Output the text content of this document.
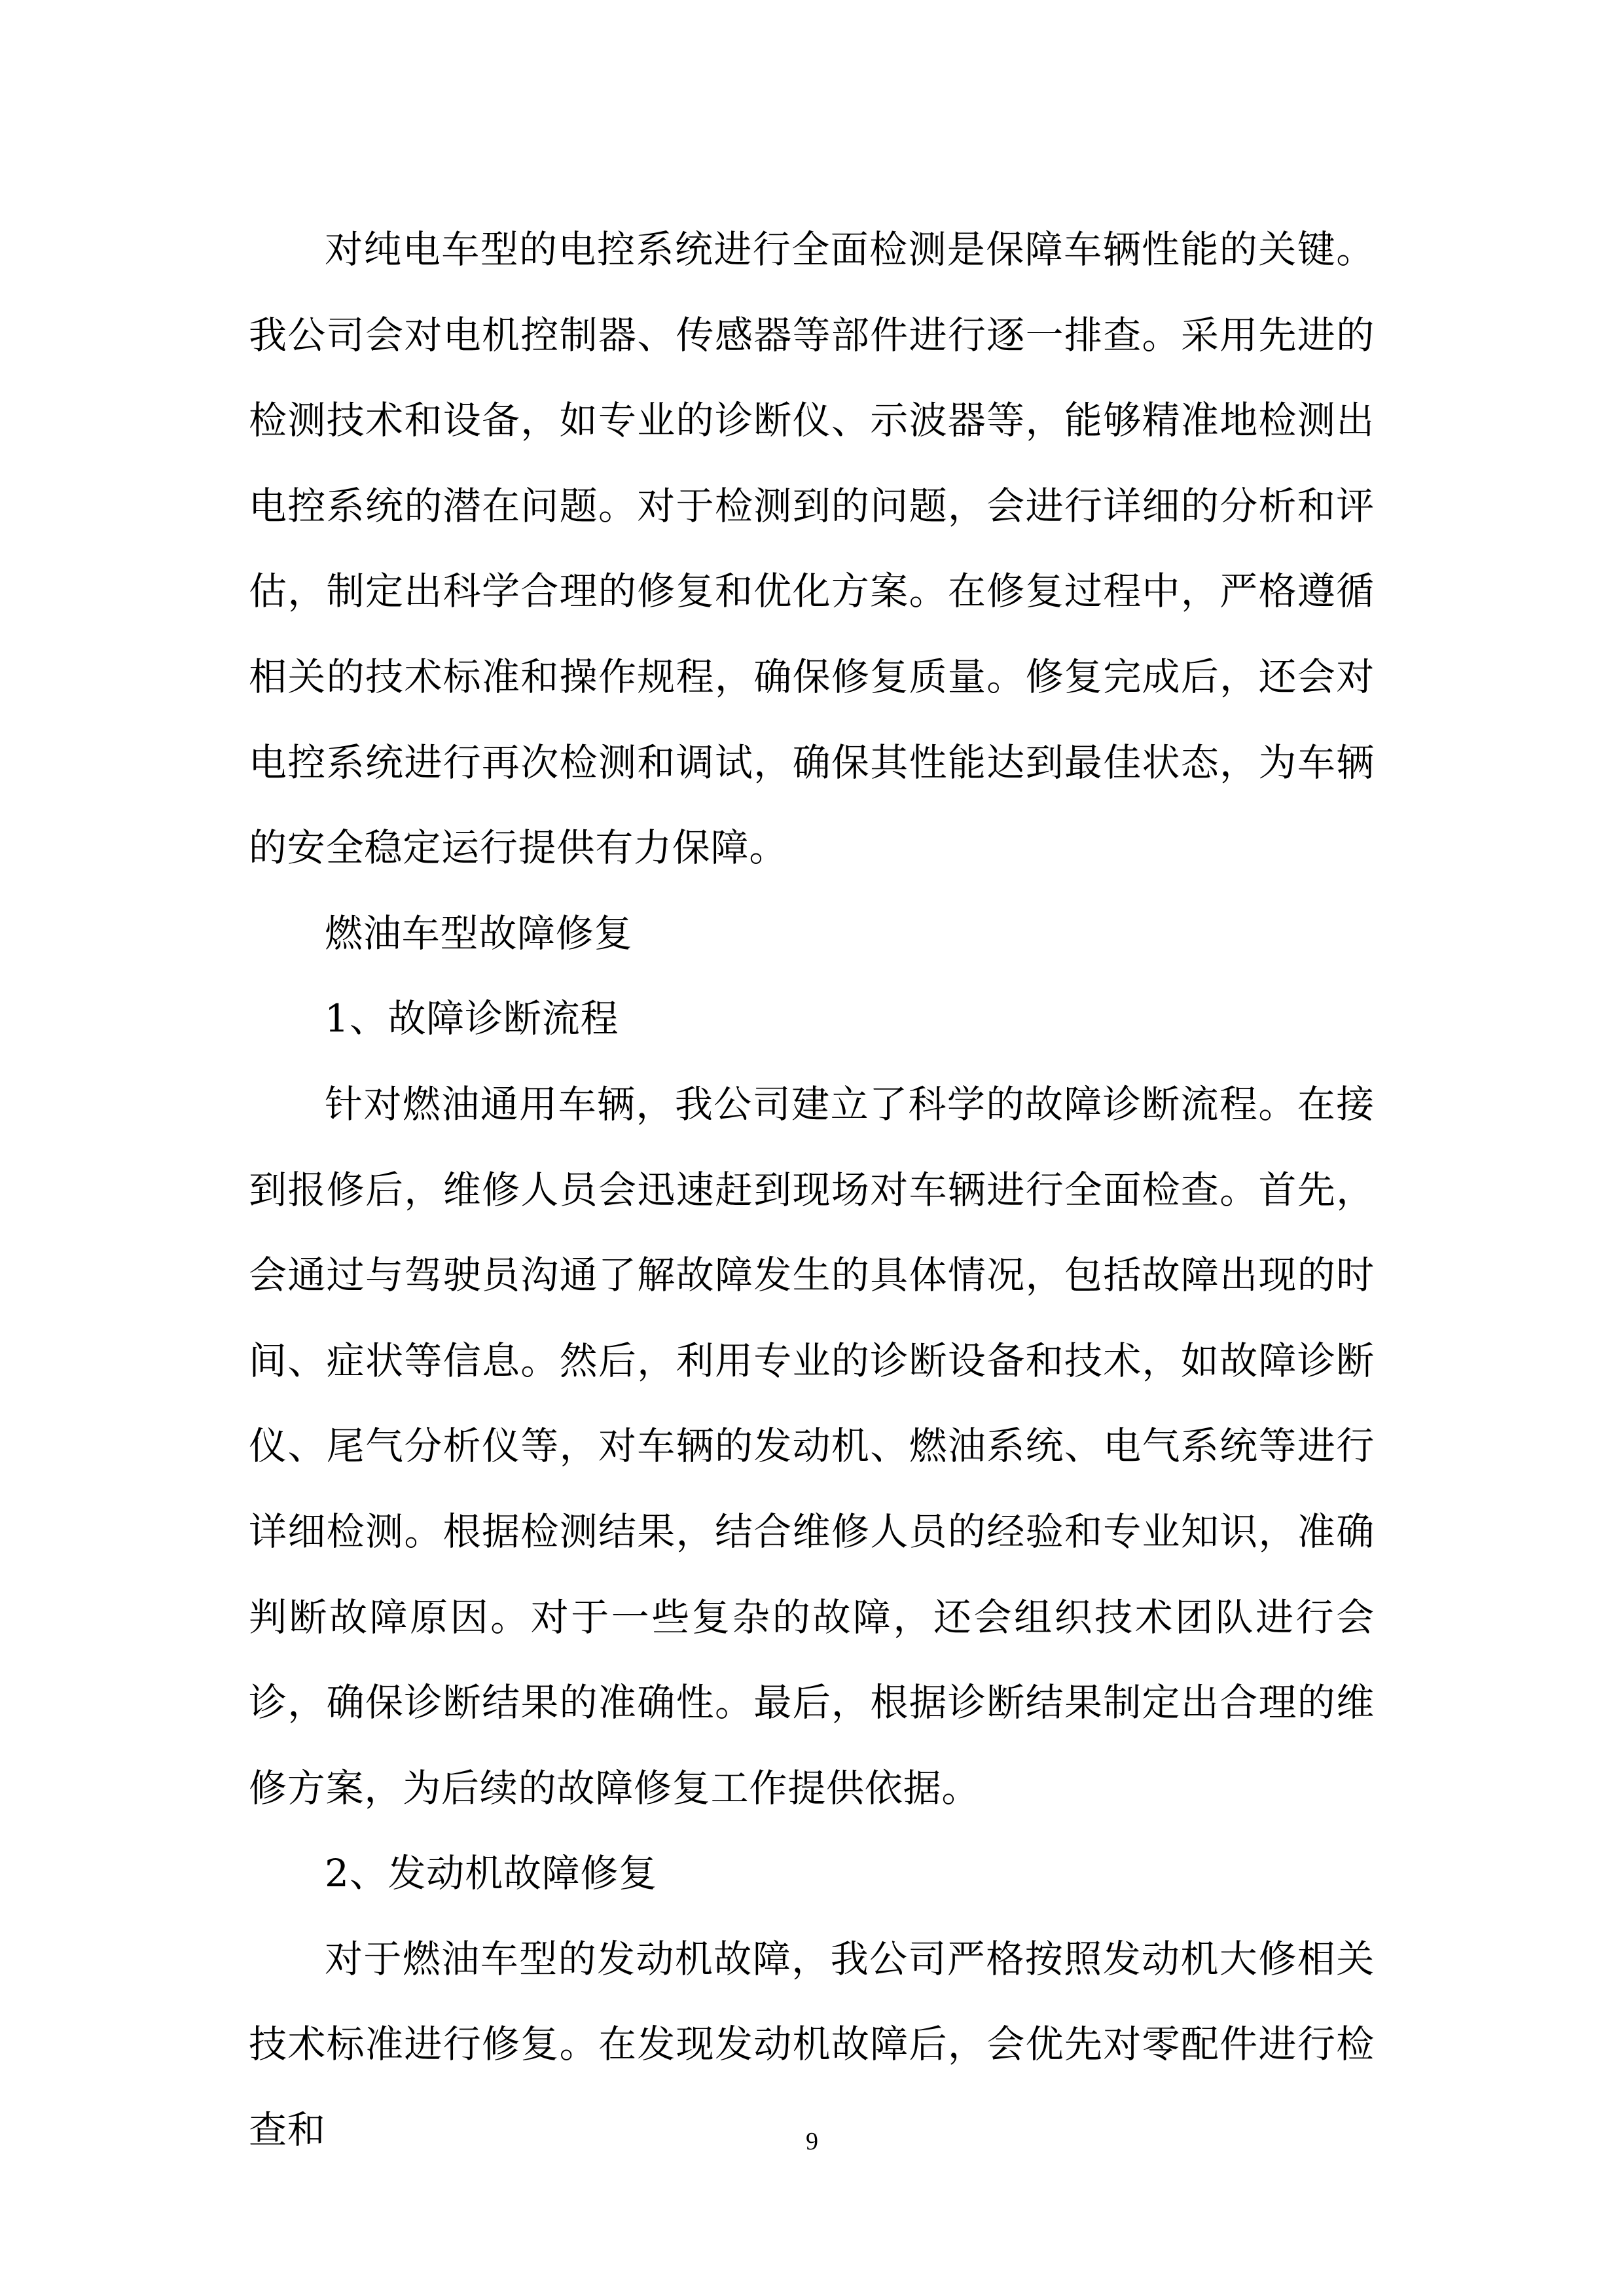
对纯电车型的电控系统进行全面检测是保障车辆性能的关键。我公司会对电机控制器、传感器等部件进行逐一排查。采用先进的检测技术和设备，如专业的诊断仪、示波器等，能够精准地检测出电控系统的潜在问题。对于检测到的问题，会进行详细的分析和评估，制定出科学合理的修复和优化方案。在修复过程中，严格遵循相关的技术标准和操作规程，确保修复质量。修复完成后，还会对电控系统进行再次检测和调试，确保其性能达到最佳状态，为车辆的安全稳定运行提供有力保障。

燃油车型故障修复

1、故障诊断流程

针对燃油通用车辆，我公司建立了科学的故障诊断流程。在接到报修后，维修人员会迅速赶到现场对车辆进行全面检查。首先，会通过与驾驶员沟通了解故障发生的具体情况，包括故障出现的时间、症状等信息。然后，利用专业的诊断设备和技术，如故障诊断仪、尾气分析仪等，对车辆的发动机、燃油系统、电气系统等进行详细检测。根据检测结果，结合维修人员的经验和专业知识，准确判断故障原因。对于一些复杂的故障，还会组织技术团队进行会诊，确保诊断结果的准确性。最后，根据诊断结果制定出合理的维修方案，为后续的故障修复工作提供依据。

2、发动机故障修复

对于燃油车型的发动机故障，我公司严格按照发动机大修相关技术标准进行修复。在发现发动机故障后，会优先对零配件进行检查和	9
